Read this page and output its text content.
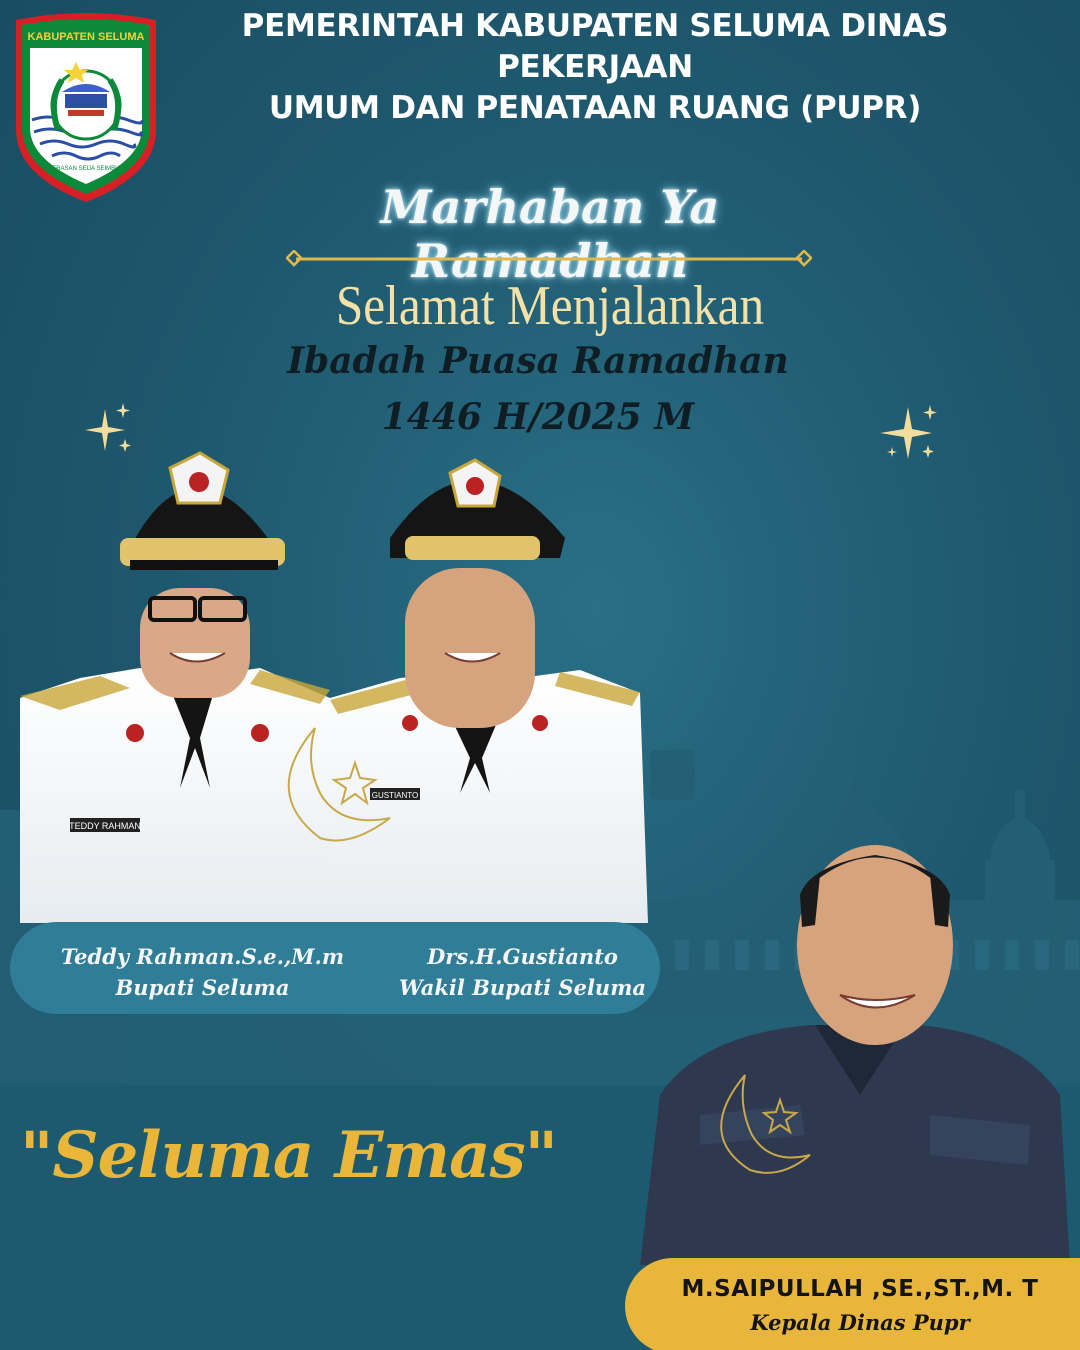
KABUPATEN SELUMA
SERASAN SEIJA SEIMBUN
PEMERINTAH KABUPATEN SELUMA DINAS PEKERJAAN
UMUM DAN PENATAAN RUANG (PUPR)
Marhaban Ya Ramadhan
Selamat Menjalankan
Ibadah Puasa Ramadhan
1446 H/2025 M
TEDDY RAHMAN
GUSTIANTO
Teddy Rahman.S.e.,M.m
Bupati Seluma
Drs.H.Gustianto
Wakil Bupati Seluma
"Seluma Emas"
M.SAIPULLAH ,SE.,ST.,M. T
Kepala Dinas Pupr
